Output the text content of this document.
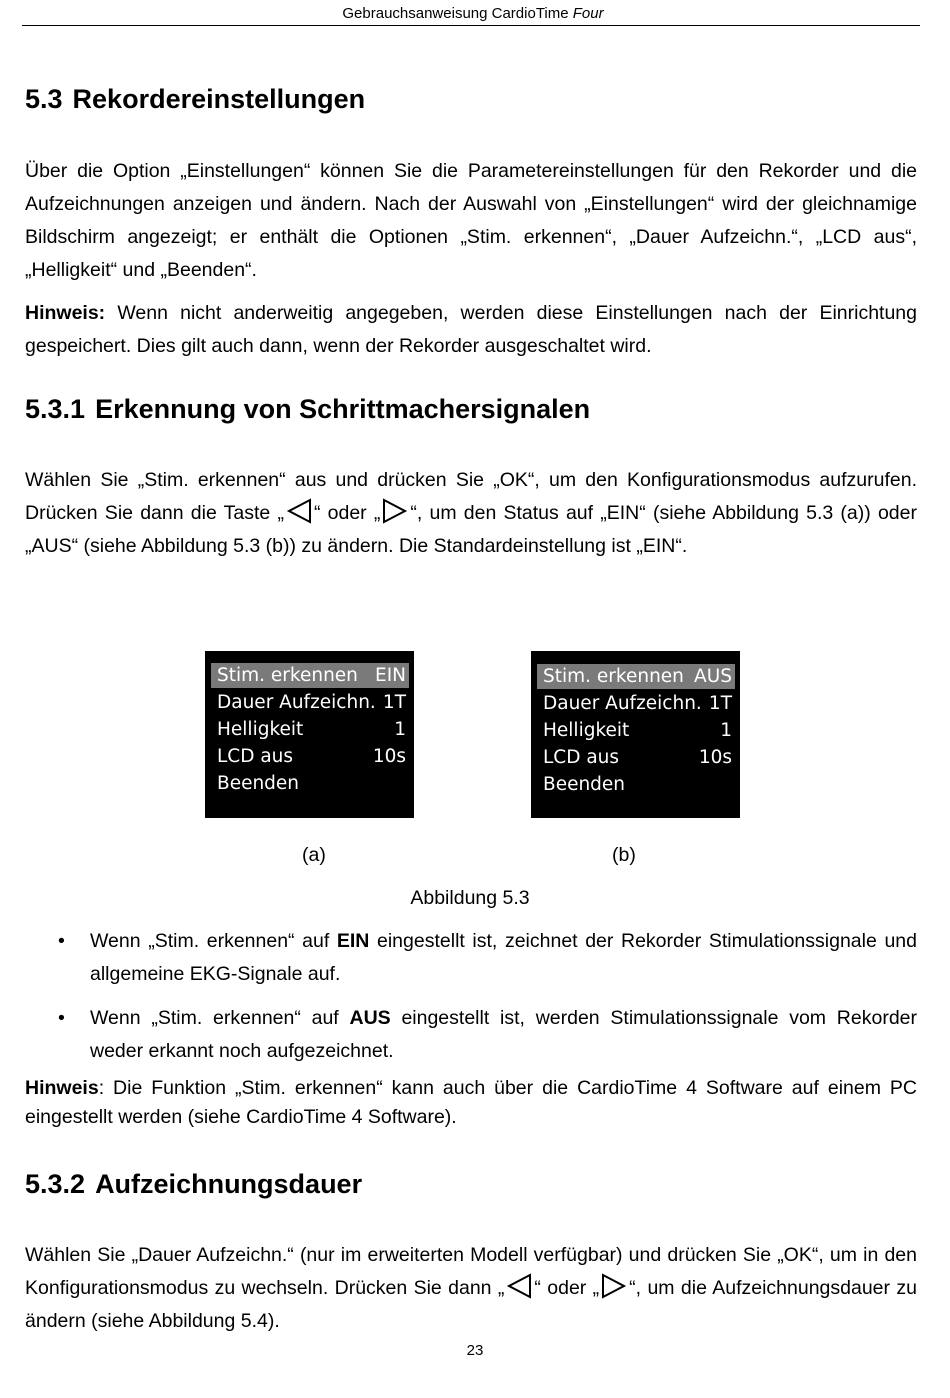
Gebrauchsanweisung CardioTime Four
5.3 Rekordereinstellungen

Über die Option „Einstellungen“ können Sie die Parametereinstellungen für den Rekorder und die Aufzeichnungen anzeigen und ändern. Nach der Auswahl von „Einstellungen“ wird der gleichnamige Bildschirm angezeigt; er enthält die Optionen „Stim. erkennen“, „Dauer Aufzeichn.“, „LCD aus“, „Helligkeit“ und „Beenden“.

Hinweis: Wenn nicht anderweitig angegeben, werden diese Einstellungen nach der Einrichtung gespeichert. Dies gilt auch dann, wenn der Rekorder ausgeschaltet wird.

5.3.1 Erkennung von Schrittmachersignalen

Wählen Sie „Stim. erkennen“ aus und drücken Sie „OK“, um den Konfigurationsmodus aufzurufen. Drücken Sie dann die Taste „ “ oder „ “, um den Status auf „EIN“ (siehe Abbildung 5.3 (a)) oder „AUS“ (siehe Abbildung 5.3 (b)) zu ändern. Die Standardeinstellung ist „EIN“.

Stim. erkennen EIN
Dauer Aufzeichn. 1T
Helligkeit	1
LCD aus	10s
Beenden
Stim. erkennen AUS
Dauer Aufzeichn. 1T
Helligkeit	1
LCD aus	10s
Beenden
(a)	(b)
Abbildung 5.3
• Wenn „Stim. erkennen“ auf EIN eingestellt ist, zeichnet der Rekorder Stimulationssignale und allgemeine EKG-Signale auf.
• Wenn „Stim. erkennen“ auf AUS eingestellt ist, werden Stimulationssignale vom Rekorder weder erkannt noch aufgezeichnet.

Hinweis: Die Funktion „Stim. erkennen“ kann auch über die CardioTime 4 Software auf einem PC eingestellt werden (siehe CardioTime 4 Software).

5.3.2 Aufzeichnungsdauer

Wählen Sie „Dauer Aufzeichn.“ (nur im erweiterten Modell verfügbar) und drücken Sie „OK“, um in den Konfigurationsmodus zu wechseln. Drücken Sie dann „ “ oder „ “, um die Aufzeichnungsdauer zu ändern (siehe Abbildung 5.4).

23
